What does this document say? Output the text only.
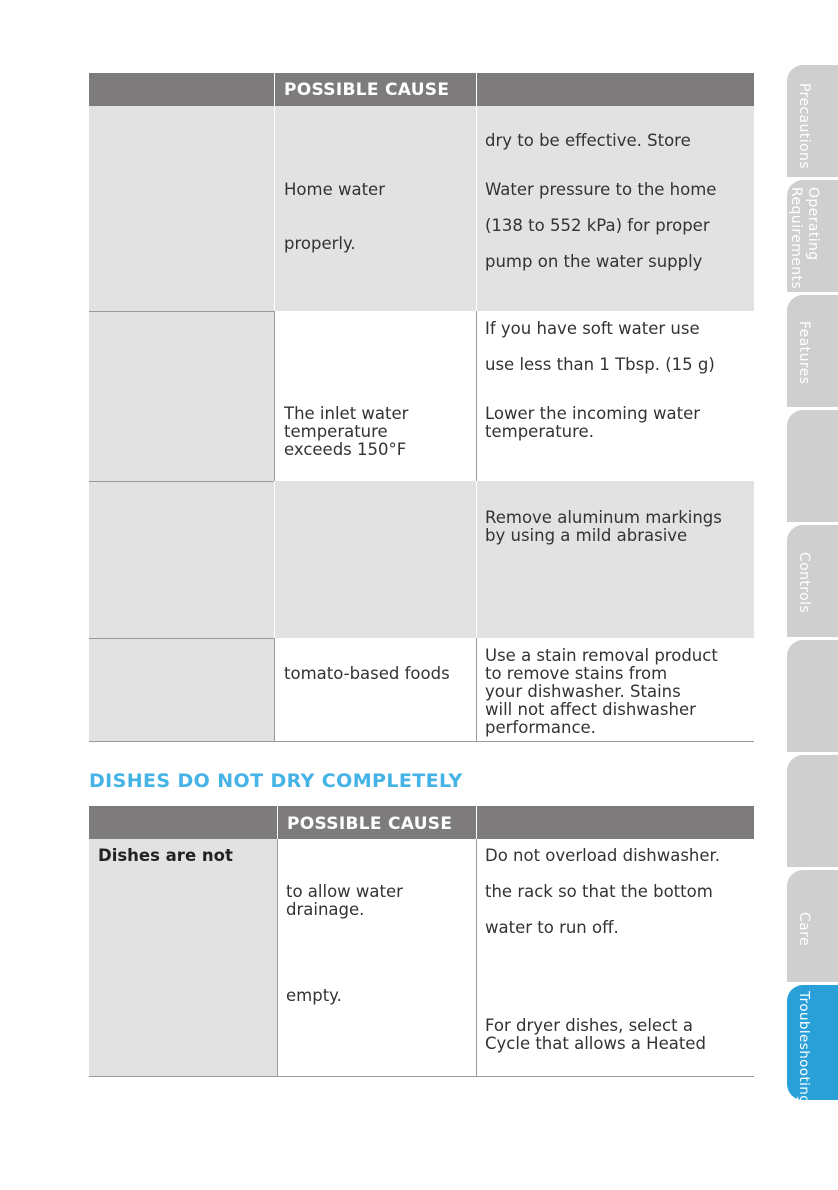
POSSIBLE CAUSE
dry to be effective. Store
Home water	Water pressure to the home
properly.
(138 to 552 kPa) for proper
pump on the water supply
If you have soft water use
use less than 1 Tbsp. (15 g)
The inlet water
temperature
exceeds 150°F
Lower the incoming water
temperature.
Remove aluminum markings
by using a mild abrasive
tomato-based foods
Use a stain removal product
to remove stains from
your dishwasher. Stains
will not affect dishwasher
performance.
DISHES DO NOT DRY COMPLETELY
POSSIBLE CAUSE
Dishes are not
to allow water
drainage.
empty.
Do not overload dishwasher.
the rack so that the bottom
water to run off.
For dryer dishes, select a
Cycle that allows a Heated
Precautions
Operating
Requirements
Features
Controls
Care
Troubleshooting
